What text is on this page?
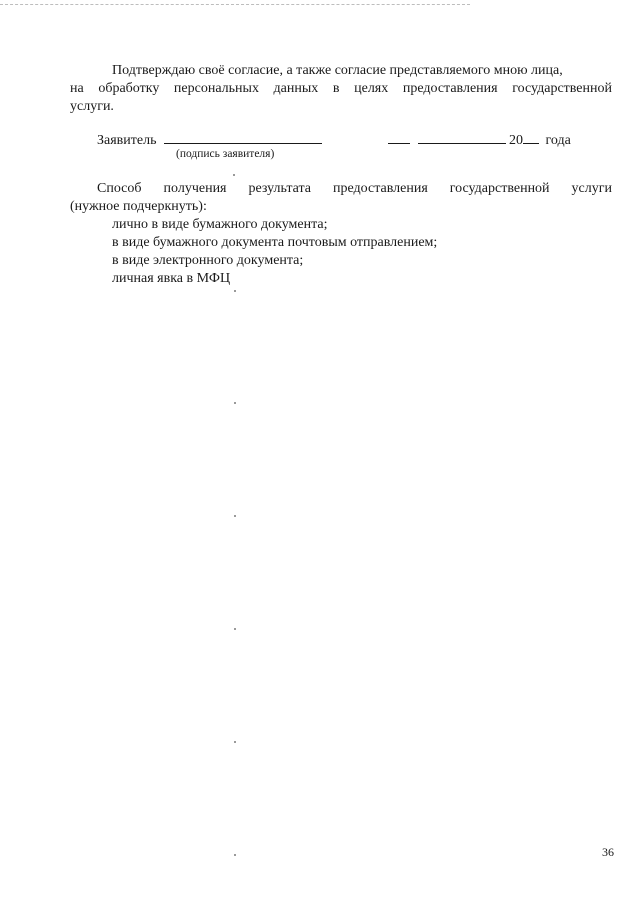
Подтверждаю своё согласие, а также согласие представляемого мною лица,
на обработку персональных данных в целях предоставления государственной
услуги.
Заявитель
(подпись заявителя)
20 года
Способ получения результата предоставления государственной услуги
(нужное подчеркнуть):
лично в виде бумажного документа;
в виде бумажного документа почтовым отправлением;
в виде электронного документа;
личная явка в МФЦ
36
